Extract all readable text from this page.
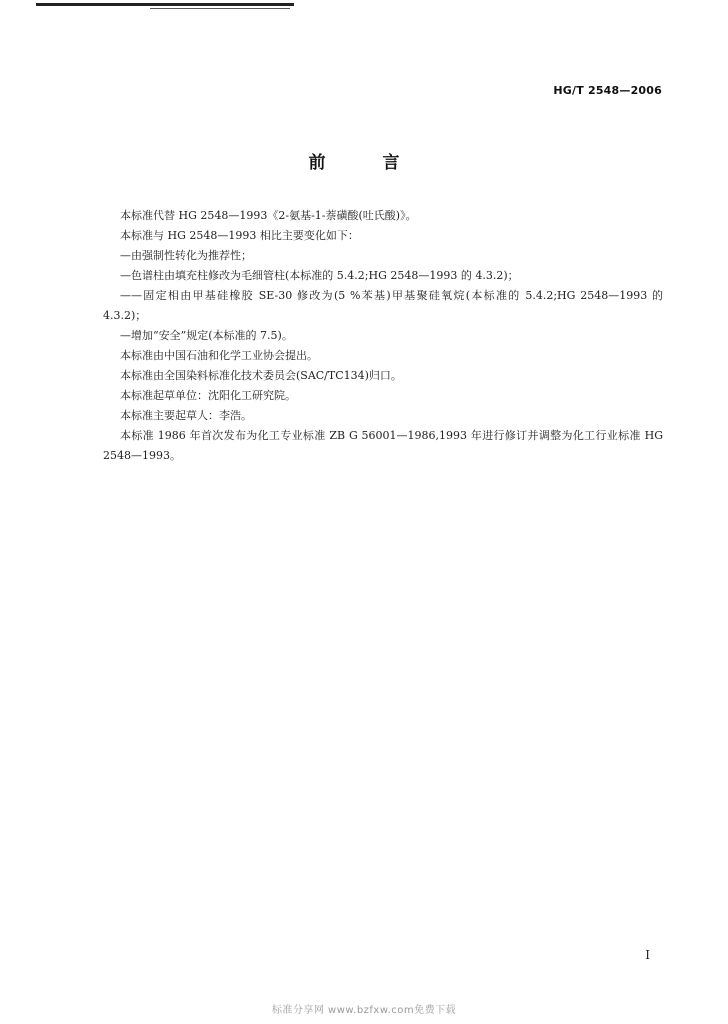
HG/T 2548—2006
前　言

本标准代替 HG 2548—1993《2-氨基-1-萘磺酸(吐氏酸)》。

本标准与 HG 2548—1993 相比主要变化如下：

—由强制性转化为推荐性；

—色谱柱由填充柱修改为毛细管柱(本标准的 5.4.2;HG 2548—1993 的 4.3.2)；

——固定相由甲基硅橡胶 SE-30 修改为(5 %苯基)甲基聚硅氧烷(本标准的 5.4.2;HG 2548—1993 的 4.3.2)；

—增加“安全”规定(本标准的 7.5)。

本标准由中国石油和化学工业协会提出。

本标准由全国染料标准化技术委员会(SAC/TC134)归口。

本标准起草单位：沈阳化工研究院。

本标准主要起草人：李浩。

本标准 1986 年首次发布为化工专业标准 ZB G 56001—1986,1993 年进行修订并调整为化工行业标准 HG 2548—1993。

I
标准分享网 www.bzfxw.com免费下载
